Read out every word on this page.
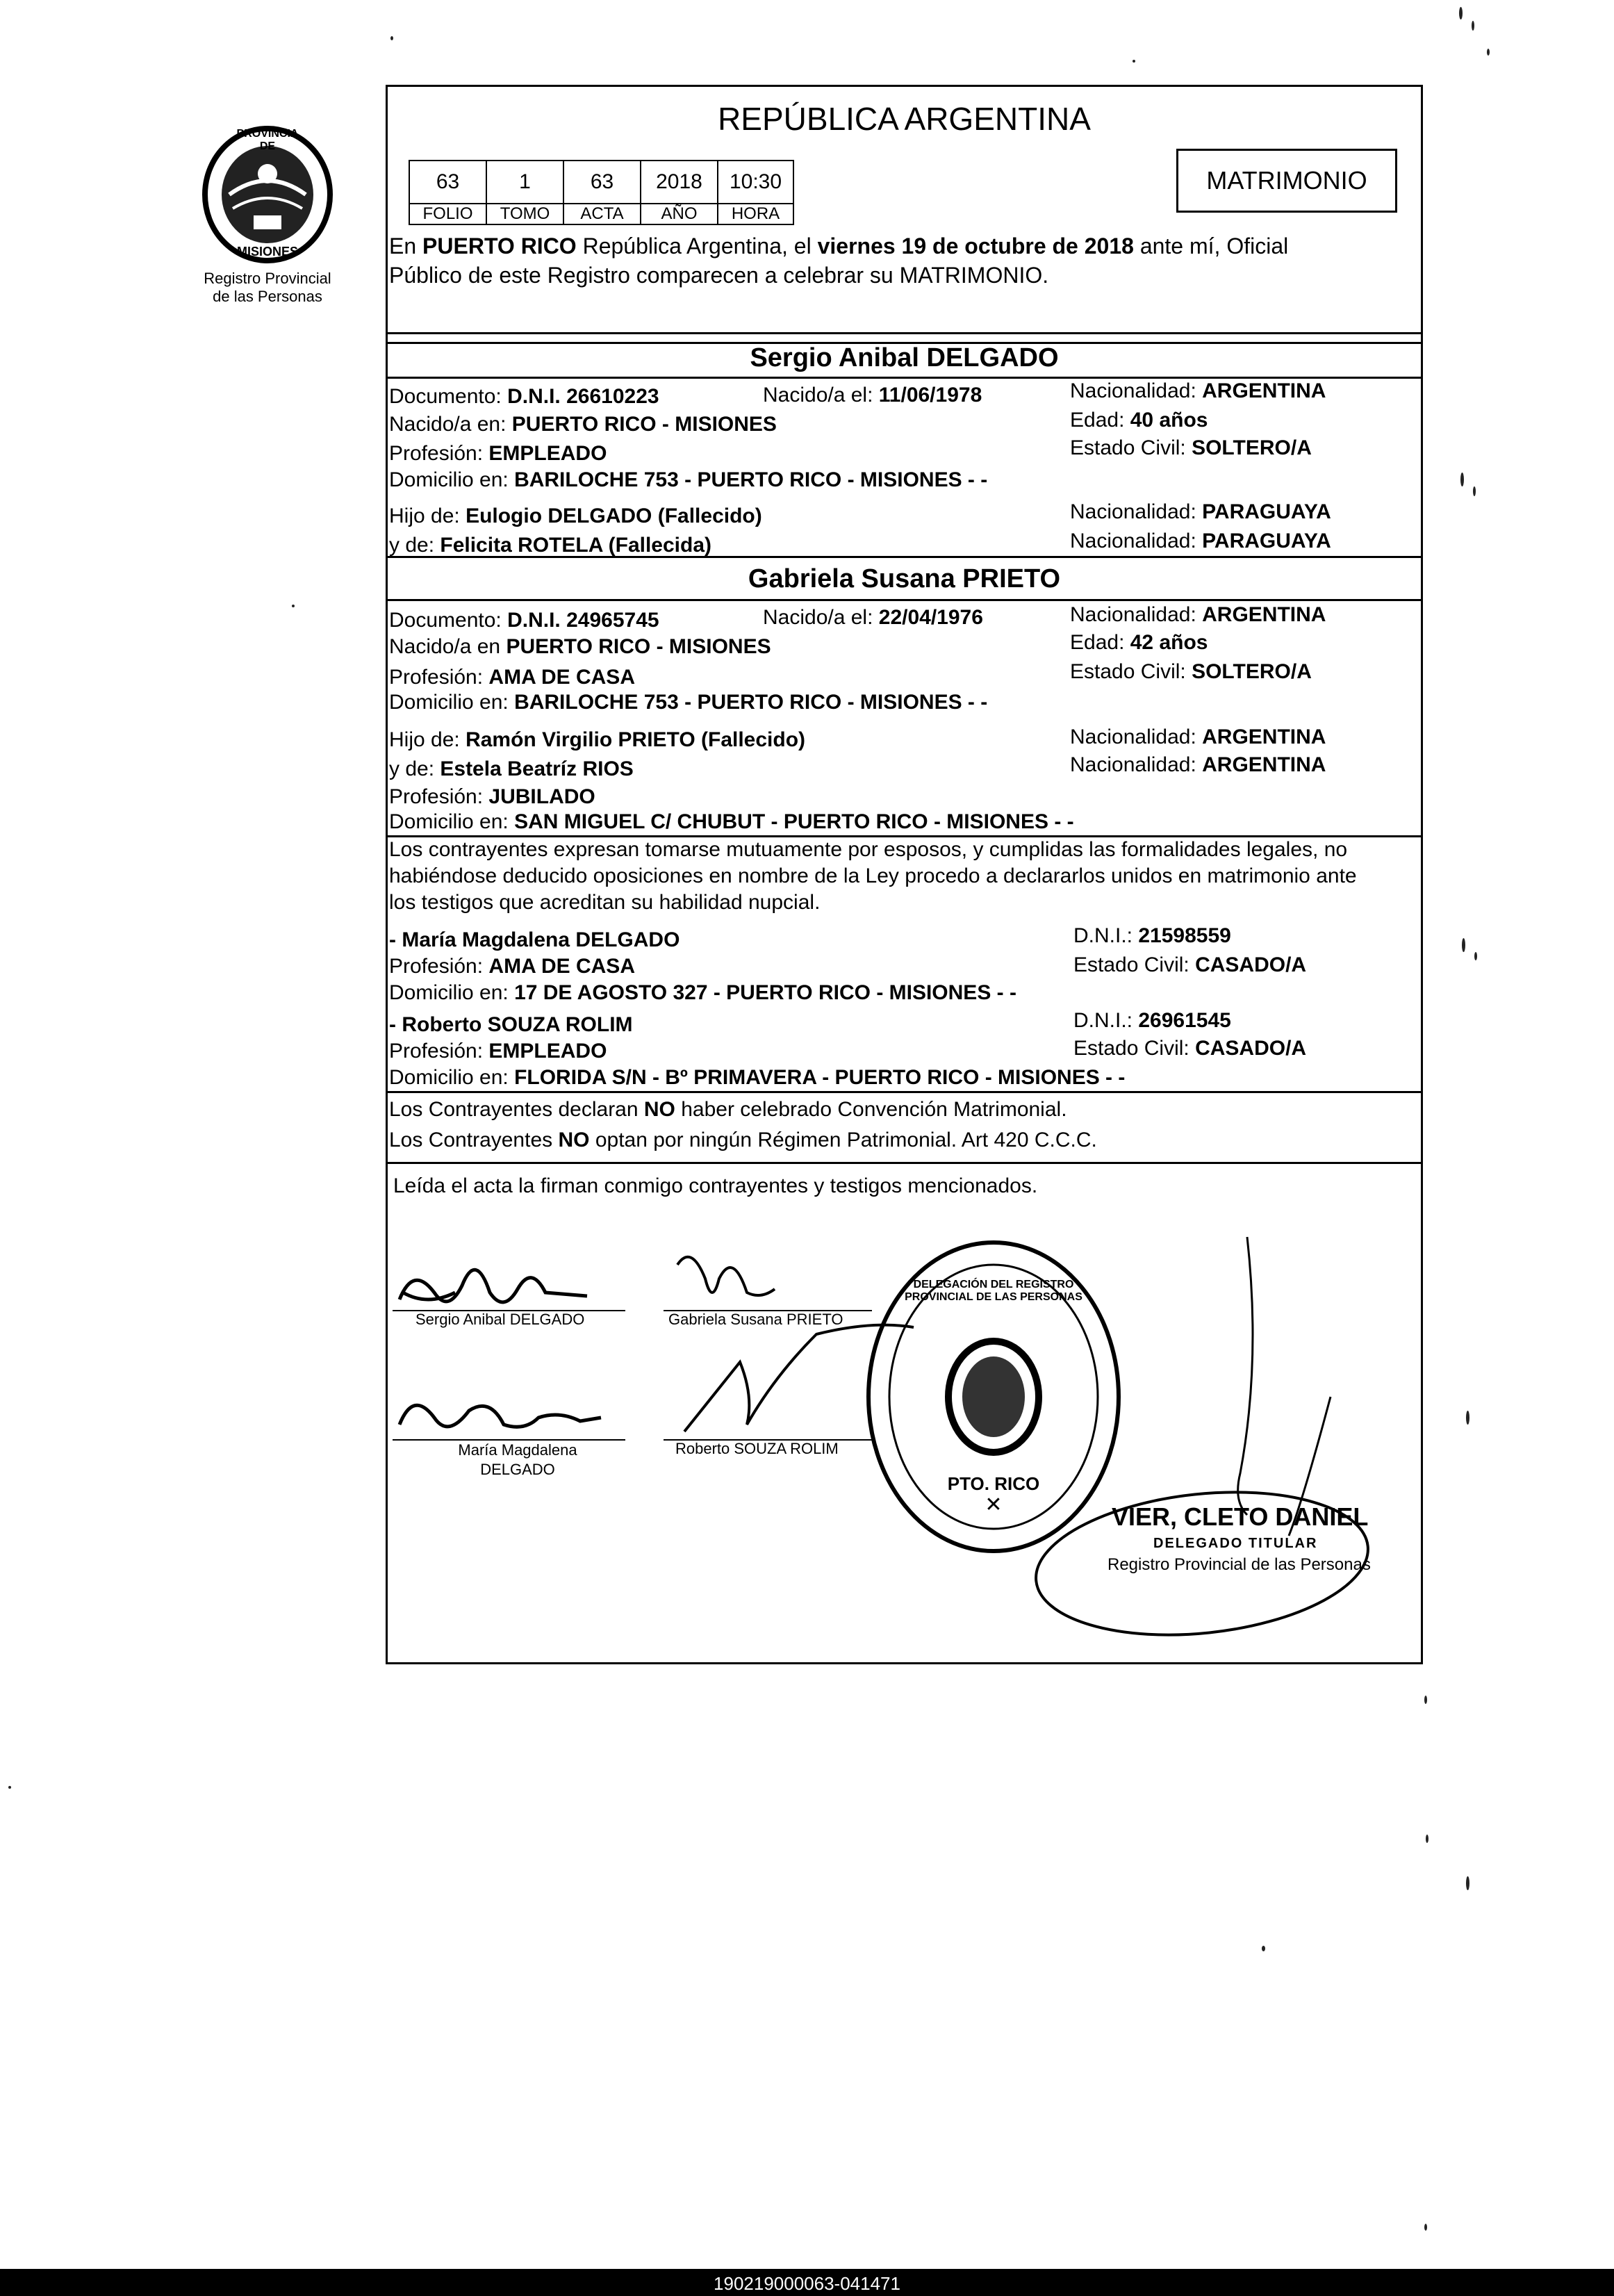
PROVINCIA DE
MISIONES
Registro Provincial
de las Personas
REPÚBLICA ARGENTINA
63	1	63	2018	10:30
FOLIO	TOMO	ACTA	AÑO	HORA
MATRIMONIO
En PUERTO RICO República Argentina, el viernes 19 de octubre de 2018 ante mí, Oficial
Público de este Registro comparecen a celebrar su MATRIMONIO.
Sergio Anibal DELGADO
Documento: D.N.I. 26610223	Nacido/a el: 11/06/1978	Nacionalidad: ARGENTINA
Nacido/a en: PUERTO RICO - MISIONES	Edad: 40 años
Profesión: EMPLEADO	Estado Civil: SOLTERO/A
Domicilio en: BARILOCHE 753 - PUERTO RICO - MISIONES - -
Hijo de: Eulogio DELGADO (Fallecido)	Nacionalidad: PARAGUAYA
y de: Felicita ROTELA (Fallecida)	Nacionalidad: PARAGUAYA
Gabriela Susana PRIETO
Documento: D.N.I. 24965745	Nacido/a el: 22/04/1976	Nacionalidad: ARGENTINA
Nacido/a en PUERTO RICO - MISIONES	Edad: 42 años
Profesión: AMA DE CASA	Estado Civil: SOLTERO/A
Domicilio en: BARILOCHE 753 - PUERTO RICO - MISIONES - -
Hijo de: Ramón Virgilio PRIETO (Fallecido)	Nacionalidad: ARGENTINA
y de: Estela Beatríz RIOS	Nacionalidad: ARGENTINA
Profesión: JUBILADO
Domicilio en: SAN MIGUEL C/ CHUBUT - PUERTO RICO - MISIONES - -
Los contrayentes expresan tomarse mutuamente por esposos, y cumplidas las formalidades legales, no
habiéndose deducido oposiciones en nombre de la Ley procedo a declararlos unidos en matrimonio ante
los testigos que acreditan su habilidad nupcial.
- María Magdalena DELGADO	D.N.I.: 21598559
Profesión: AMA DE CASA	Estado Civil: CASADO/A
Domicilio en: 17 DE AGOSTO 327 - PUERTO RICO - MISIONES - -
- Roberto SOUZA ROLIM	D.N.I.: 26961545
Profesión: EMPLEADO	Estado Civil: CASADO/A
Domicilio en: FLORIDA S/N - Bº PRIMAVERA - PUERTO RICO - MISIONES - -
Los Contrayentes declaran NO haber celebrado Convención Matrimonial.
Los Contrayentes NO optan por ningún Régimen Patrimonial. Art 420 C.C.C.
Leída el acta la firman conmigo contrayentes y testigos mencionados.
Sergio Anibal DELGADO	Gabriela Susana PRIETO
María Magdalena
DELGADO
Roberto SOUZA ROLIM
✕
DELEGACIÓN DEL REGISTRO PROVINCIAL DE LAS PERSONAS
PTO. RICO
VIER, CLETO DANIEL
DELEGADO TITULAR
Registro Provincial de las Personas
190219000063-041471
